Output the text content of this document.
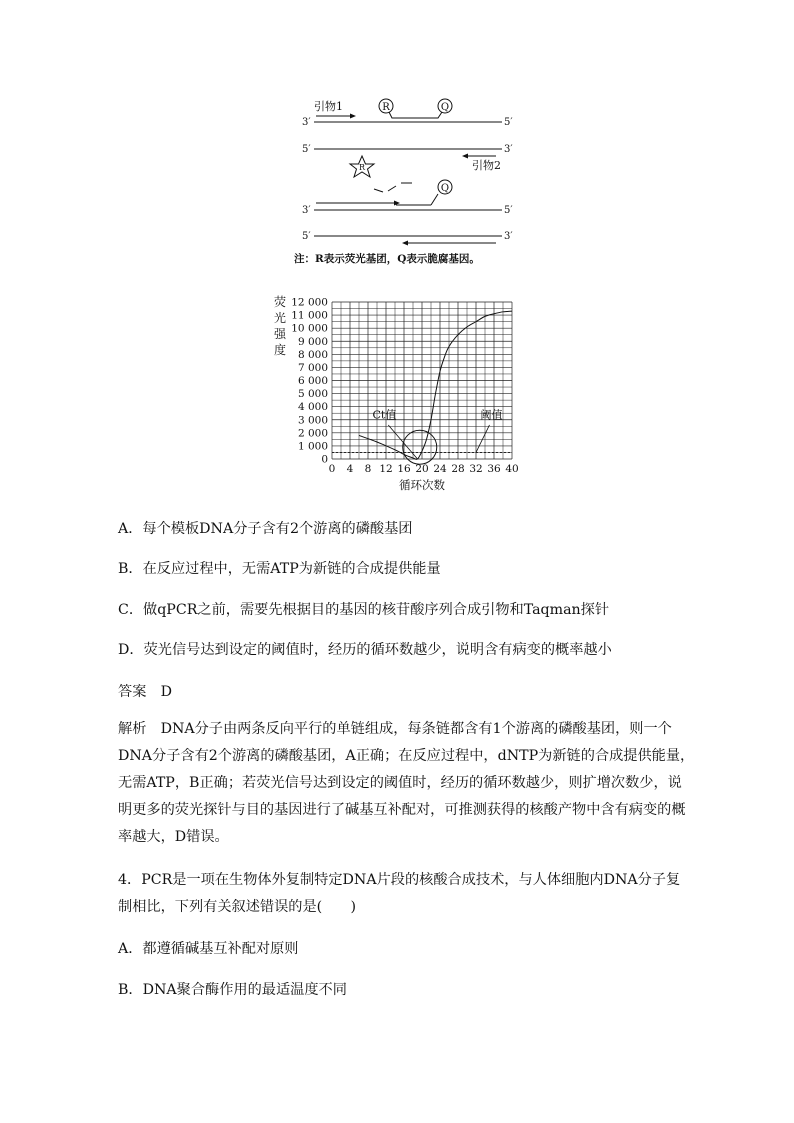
引物1	R	Q
3′	5′
5′	3′
引物2
R
Q
3′	5′
5′	3′
注：R表示荧光基团，Q表示脆腐基因。
荧
光
强
度
0
1 000
2 000
3 000
4 000
5 000
6 000
7 000
8 000
9 000
10 000
11 000
12 000
0 4 8 12 16 20 24 28 32 36 40
Ct值	阈值
循环次数
A．每个模板DNA分子含有2个游离的磷酸基团
B．在反应过程中，无需ATP为新链的合成提供能量
C．做qPCR之前，需要先根据目的基因的核苷酸序列合成引物和Taqman探针
D．荧光信号达到设定的阈值时，经历的循环数越少，说明含有病变的概率越小
答案　D
解析　DNA分子由两条反向平行的单链组成，每条链都含有1个游离的磷酸基团，则一个
DNA分子含有2个游离的磷酸基团，A正确；在反应过程中，dNTP为新链的合成提供能量，
无需ATP，B正确；若荧光信号达到设定的阈值时，经历的循环数越少，则扩增次数少，说
明更多的荧光探针与目的基因进行了碱基互补配对，可推测获得的核酸产物中含有病变的概
率越大，D错误。
4．PCR是一项在生物体外复制特定DNA片段的核酸合成技术，与人体细胞内DNA分子复
制相比，下列有关叙述错误的是(　　)
A．都遵循碱基互补配对原则
B．DNA聚合酶作用的最适温度不同
